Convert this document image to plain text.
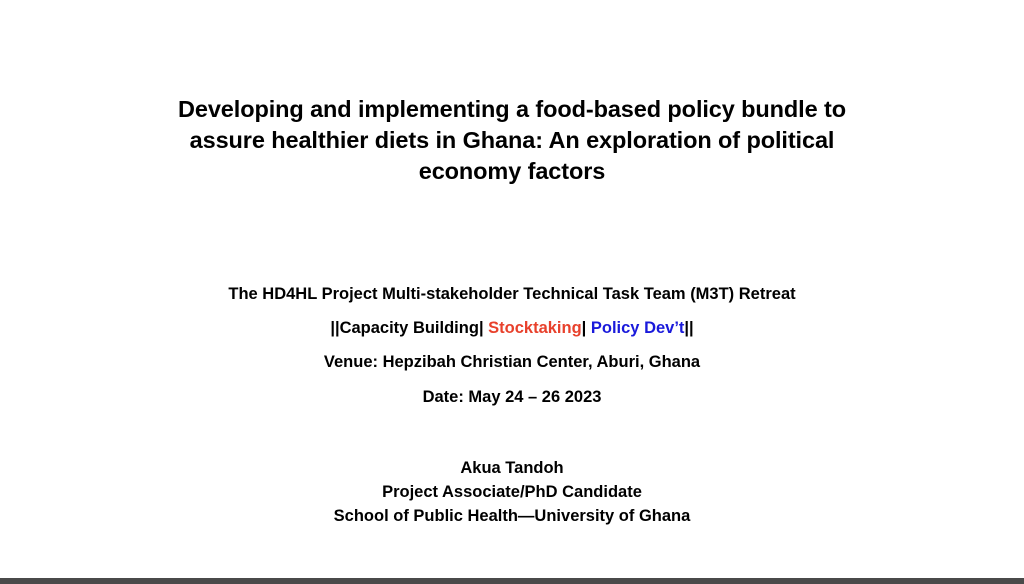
Developing and implementing a food-based policy bundle to
assure healthier diets in Ghana: An exploration of political
economy factors
The HD4HL Project Multi-stakeholder Technical Task Team (M3T) Retreat
||Capacity Building| Stocktaking| Policy Dev’t||
Venue: Hepzibah Christian Center, Aburi, Ghana
Date: May 24 – 26 2023
Akua Tandoh
Project Associate/PhD Candidate
School of Public Health—University of Ghana
